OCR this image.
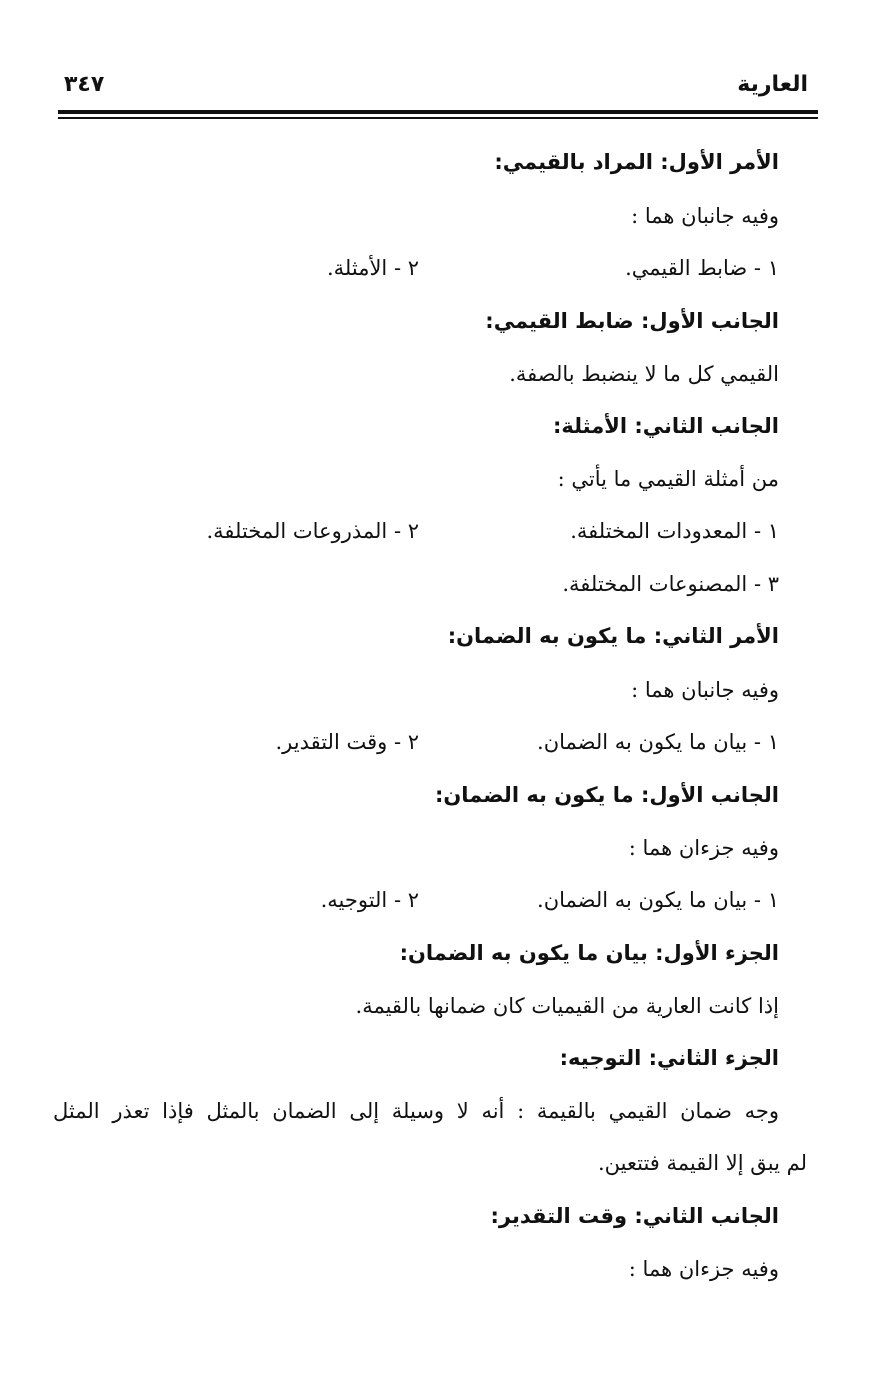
العارية
٣٤٧
الأمر الأول: المراد بالقيمي:
وفيه جانبان هما :
١ - ضابط القيمي.
٢ - الأمثلة.
الجانب الأول: ضابط القيمي:
القيمي كل ما لا ينضبط بالصفة.
الجانب الثاني: الأمثلة:
من أمثلة القيمي ما يأتي :
١ - المعدودات المختلفة.
٢ - المذروعات المختلفة.
٣ - المصنوعات المختلفة.
الأمر الثاني: ما يكون به الضمان:
وفيه جانبان هما :
١ - بيان ما يكون به الضمان.
٢ - وقت التقدير.
الجانب الأول: ما يكون به الضمان:
وفيه جزءان هما :
١ - بيان ما يكون به الضمان.
٢ - التوجيه.
الجزء الأول: بيان ما يكون به الضمان:
إذا كانت العارية من القيميات كان ضمانها بالقيمة.
الجزء الثاني: التوجيه:
وجه ضمان القيمي بالقيمة : أنه لا وسيلة إلى الضمان بالمثل فإذا تعذر المثل
لم يبق إلا القيمة فتتعين.
الجانب الثاني: وقت التقدير:
وفيه جزءان هما :
